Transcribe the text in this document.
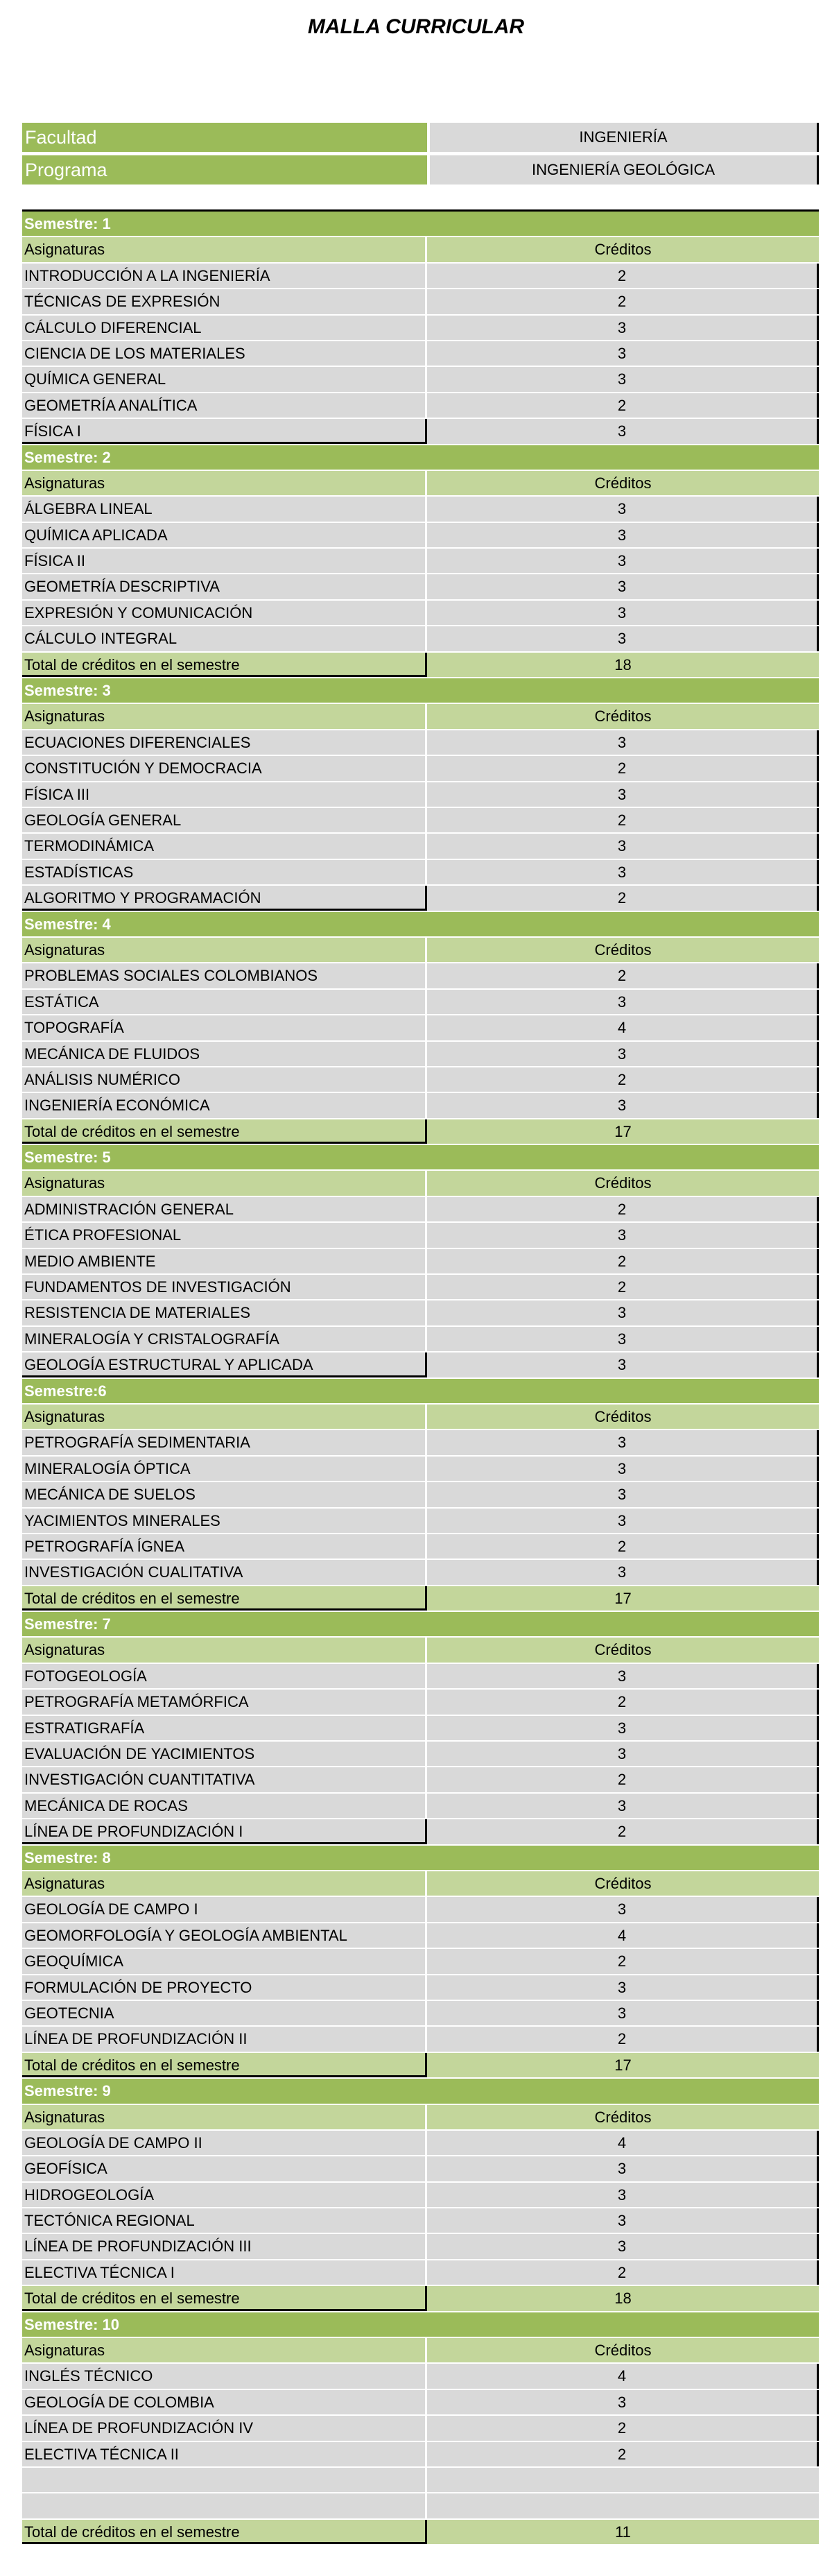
MALLA CURRICULAR
Facultad	INGENIERÍA
Programa	INGENIERÍA GEOLÓGICA
Semestre: 1
Asignaturas	Créditos
INTRODUCCIÓN A LA INGENIERÍA	2
TÉCNICAS DE EXPRESIÓN	2
CÁLCULO DIFERENCIAL	3
CIENCIA DE LOS MATERIALES	3
QUÍMICA GENERAL	3
GEOMETRÍA ANALÍTICA	2
FÍSICA I	3
Semestre: 2
Asignaturas	Créditos
ÁLGEBRA LINEAL	3
QUÍMICA APLICADA	3
FÍSICA II	3
GEOMETRÍA DESCRIPTIVA	3
EXPRESIÓN Y COMUNICACIÓN	3
CÁLCULO INTEGRAL	3
Total de créditos en el semestre	18
Semestre: 3
Asignaturas	Créditos
ECUACIONES DIFERENCIALES	3
CONSTITUCIÓN Y DEMOCRACIA	2
FÍSICA III	3
GEOLOGÍA GENERAL	2
TERMODINÁMICA	3
ESTADÍSTICAS	3
ALGORITMO Y PROGRAMACIÓN	2
Semestre: 4
Asignaturas	Créditos
PROBLEMAS SOCIALES COLOMBIANOS	2
ESTÁTICA	3
TOPOGRAFÍA	4
MECÁNICA DE FLUIDOS	3
ANÁLISIS NUMÉRICO	2
INGENIERÍA ECONÓMICA	3
Total de créditos en el semestre	17
Semestre: 5
Asignaturas	Créditos
ADMINISTRACIÓN GENERAL	2
ÉTICA PROFESIONAL	3
MEDIO AMBIENTE	2
FUNDAMENTOS DE INVESTIGACIÓN	2
RESISTENCIA DE MATERIALES	3
MINERALOGÍA Y CRISTALOGRAFÍA	3
GEOLOGÍA ESTRUCTURAL Y APLICADA	3
Semestre:6
Asignaturas	Créditos
PETROGRAFÍA SEDIMENTARIA	3
MINERALOGÍA ÓPTICA	3
MECÁNICA DE SUELOS	3
YACIMIENTOS MINERALES	3
PETROGRAFÍA ÍGNEA	2
INVESTIGACIÓN CUALITATIVA	3
Total de créditos en el semestre	17
Semestre: 7
Asignaturas	Créditos
FOTOGEOLOGÍA	3
PETROGRAFÍA METAMÓRFICA	2
ESTRATIGRAFÍA	3
EVALUACIÓN DE YACIMIENTOS	3
INVESTIGACIÓN CUANTITATIVA	2
MECÁNICA DE ROCAS	3
LÍNEA DE PROFUNDIZACIÓN I	2
Semestre: 8
Asignaturas	Créditos
GEOLOGÍA DE CAMPO I	3
GEOMORFOLOGÍA Y GEOLOGÍA AMBIENTAL	4
GEOQUÍMICA	2
FORMULACIÓN DE PROYECTO	3
GEOTECNIA	3
LÍNEA DE PROFUNDIZACIÓN II	2
Total de créditos en el semestre	17
Semestre: 9
Asignaturas	Créditos
GEOLOGÍA DE CAMPO II	4
GEOFÍSICA	3
HIDROGEOLOGÍA	3
TECTÓNICA REGIONAL	3
LÍNEA DE PROFUNDIZACIÓN III	3
ELECTIVA TÉCNICA I	2
Total de créditos en el semestre	18
Semestre: 10
Asignaturas	Créditos
INGLÉS TÉCNICO	4
GEOLOGÍA DE COLOMBIA	3
LÍNEA DE PROFUNDIZACIÓN IV	2
ELECTIVA TÉCNICA II	2
Total de créditos en el semestre	11
